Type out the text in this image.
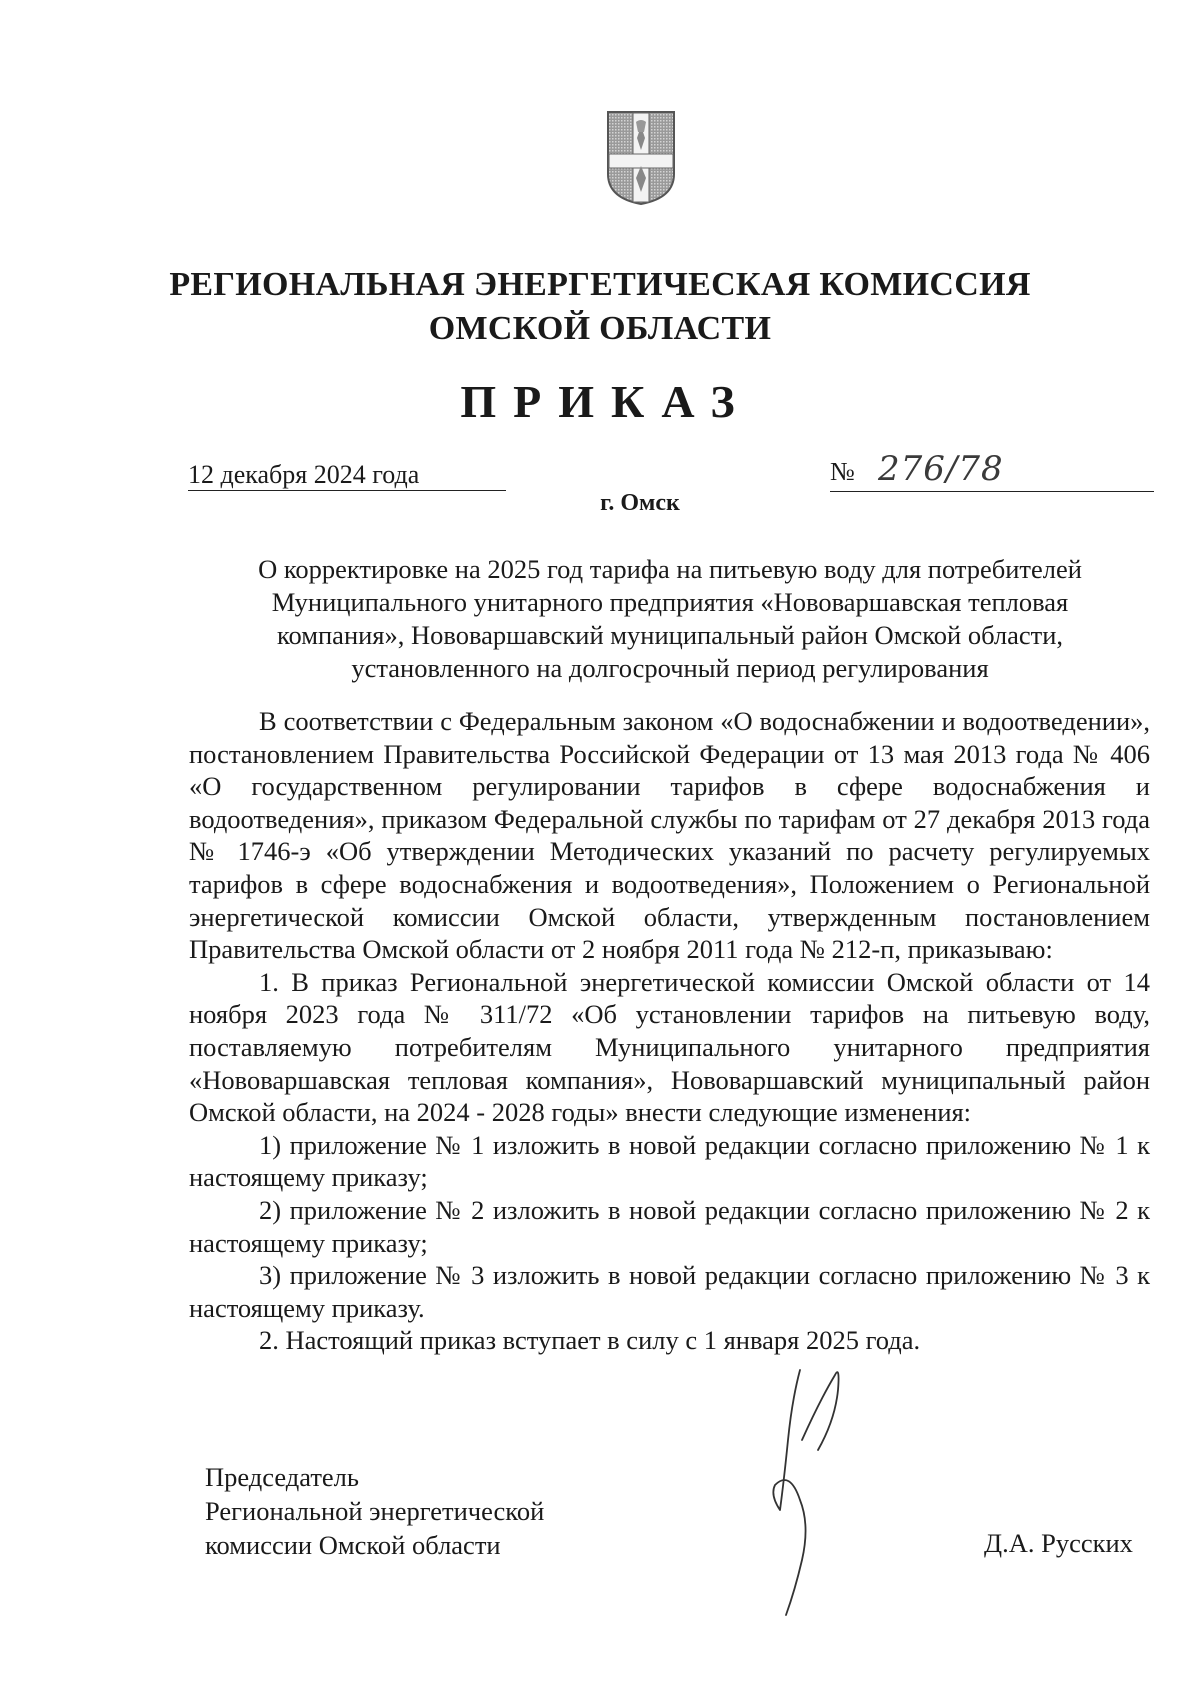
РЕГИОНАЛЬНАЯ ЭНЕРГЕТИЧЕСКАЯ КОМИССИЯ
ОМСКОЙ ОБЛАСТИ
ПРИКАЗ
12 декабря 2024 года	№ 276/78
г. Омск
О корректировке на 2025 год тарифа на питьевую воду для потребителей
Муниципального унитарного предприятия «Нововаршавская тепловая
компания», Нововаршавский муниципальный район Омской области,
установленного на долгосрочный период регулирования

В соответствии с Федеральным законом «О водоснабжении и водоотведении», постановлением Правительства Российской Федерации от 13 мая 2013 года № 406 «О государственном регулировании тарифов в сфере водоснабжения и водоотведения», приказом Федеральной службы по тарифам от 27 декабря 2013 года № 1746-э «Об утверждении Методических указаний по расчету регулируемых тарифов в сфере водоснабжения и водоотведения», Положением о Региональной энергетической комиссии Омской области, утвержденным постановлением Правительства Омской области от 2 ноября 2011 года № 212-п, приказываю:

1. В приказ Региональной энергетической комиссии Омской области от 14 ноября 2023 года № 311/72 «Об установлении тарифов на питьевую воду, поставляемую потребителям Муниципального унитарного предприятия «Нововаршавская тепловая компания», Нововаршавский муниципальный район Омской области, на 2024 - 2028 годы» внести следующие изменения:

1) приложение № 1 изложить в новой редакции согласно приложению № 1 к настоящему приказу;

2) приложение № 2 изложить в новой редакции согласно приложению № 2 к настоящему приказу;

3) приложение № 3 изложить в новой редакции согласно приложению № 3 к настоящему приказу.

2. Настоящий приказ вступает в силу с 1 января 2025 года.

Председатель
Региональной энергетической
комиссии Омской области	Д.А. Русских
